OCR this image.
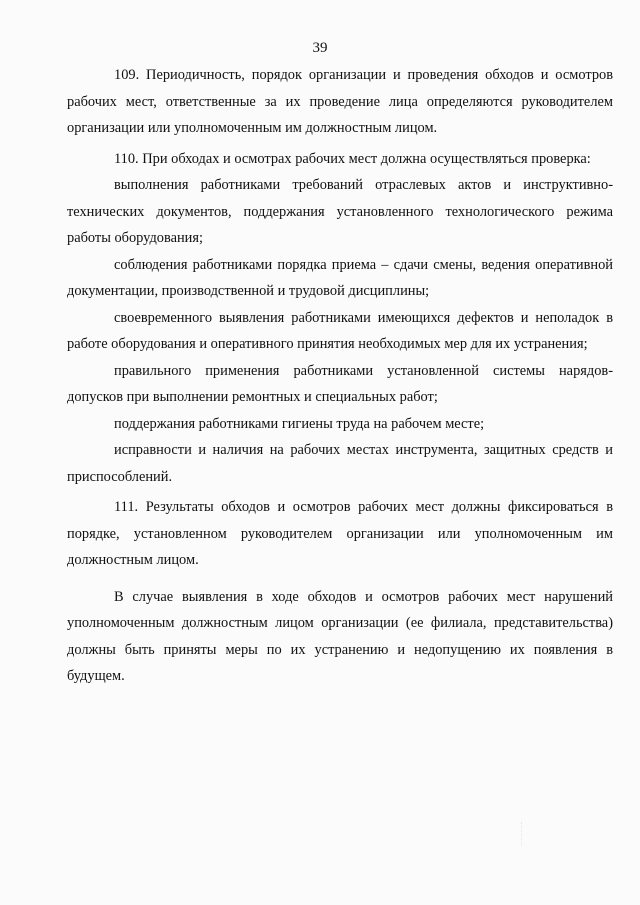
39

109. Периодичность, порядок организации и проведения обходов и осмотров рабочих мест, ответственные за их проведение лица определяются руководителем организации или уполномоченным им должностным лицом.

110. При обходах и осмотрах рабочих мест должна осуществляться проверка:

выполнения работниками требований отраслевых актов и инструктивно-технических документов, поддержания установленного технологического режима работы оборудования;

соблюдения работниками порядка приема – сдачи смены, ведения оперативной документации, производственной и трудовой дисциплины;

своевременного выявления работниками имеющихся дефектов и неполадок в работе оборудования и оперативного принятия необходимых мер для их устранения;

правильного применения работниками установленной системы нарядов-допусков при выполнении ремонтных и специальных работ;

поддержания работниками гигиены труда на рабочем месте;

исправности и наличия на рабочих местах инструмента, защитных средств и приспособлений.

111. Результаты обходов и осмотров рабочих мест должны фиксироваться в порядке, установленном руководителем организации или уполномоченным им должностным лицом.

В случае выявления в ходе обходов и осмотров рабочих мест нарушений уполномоченным должностным лицом организации (ее филиала, представительства) должны быть приняты меры по их устранению и недопущению их появления в будущем.
